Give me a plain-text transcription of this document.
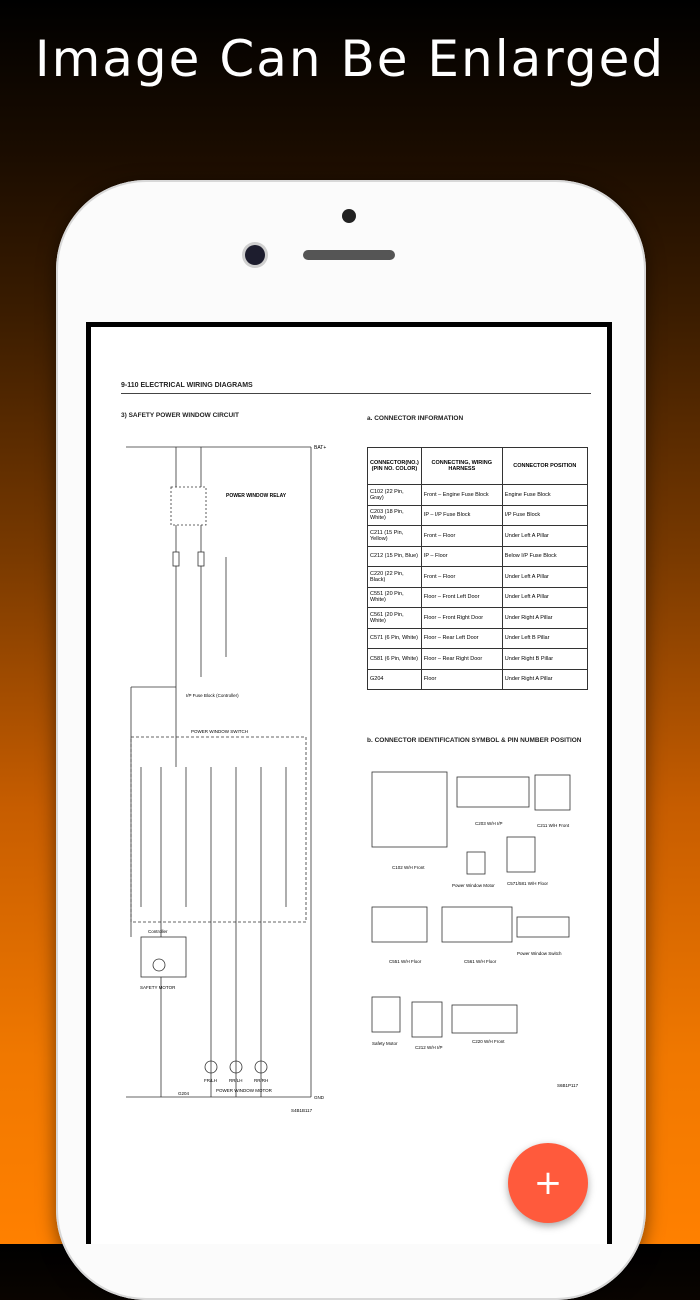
Image Can Be Enlarged
9-110 ELECTRICAL WIRING DIAGRAMS
3) SAFETY POWER WINDOW CIRCUIT	a. CONNECTOR INFORMATION
CONNECTOR(NO.) (PIN NO. COLOR)	CONNECTING, WIRING HARNESS	CONNECTOR POSITION
C102 (22 Pin, Gray)	Front – Engine Fuse Block	Engine Fuse Block
C203 (18 Pin, White)	IP – I/P Fuse Block	I/P Fuse Block
C211 (15 Pin, Yellow)	Front – Floor	Under Left A Pillar
C212 (15 Pin, Blue)	IP – Floor	Below I/P Fuse Block
C220 (22 Pin, Black)	Front – Floor	Under Left A Pillar
C551 (20 Pin, White)	Floor – Front Left Door	Under Left A Pillar
C561 (20 Pin, White)	Floor – Front Right Door	Under Right A Pillar
C571 (6 Pin, White)	Floor – Rear Left Door	Under Left B Pillar
C581 (6 Pin, White)	Floor – Rear Right Door	Under Right B Pillar
G204	Floor	Under Right A Pillar
b. CONNECTOR IDENTIFICATION SYMBOL & PIN NUMBER POSITION
POWER WINDOW RELAY
BAT+
I/P Fuse Block (Controller)
POWER WINDOW SWITCH
Controller
SAFETY MOTOR
FR/LH	RR/LH	RR/RH
POWER WINDOW MOTOR
G204
GND
S4B1B117
C102 W/H Front
C203 W/H I/P	C211 W/H Front
Power Window Motor	C571/581 W/H Floor
C551 W/H Floor	C561 W/H Floor
Power Window Switch
Safety Motor
C212 W/H I/P
C220 W/H Front
S6B1P117
+
